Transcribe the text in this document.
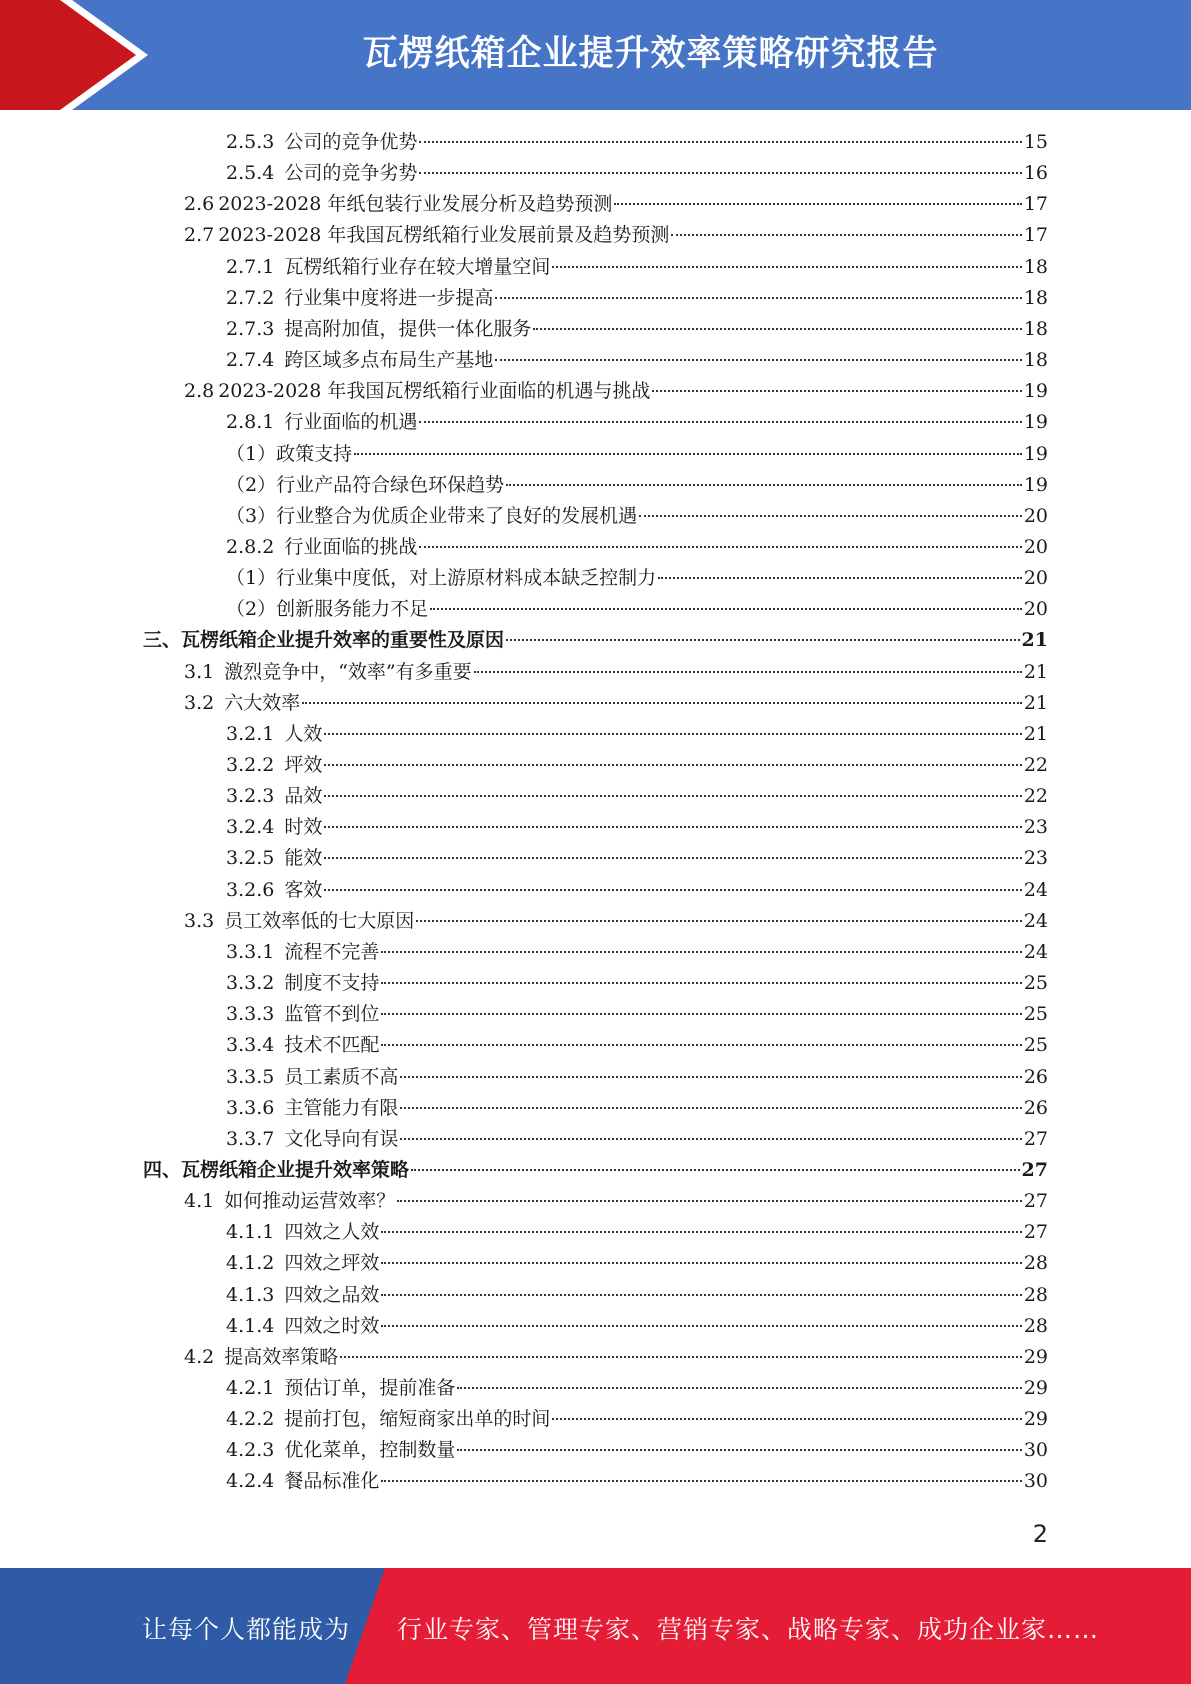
瓦楞纸箱企业提升效率策略研究报告
2.5.3 公司的竞争优势	15
2.5.4 公司的竞争劣势	16
2.6 2023-2028 年纸包装行业发展分析及趋势预测	17
2.7 2023-2028 年我国瓦楞纸箱行业发展前景及趋势预测	17
2.7.1 瓦楞纸箱行业存在较大增量空间	18
2.7.2 行业集中度将进一步提高	18
2.7.3 提高附加值，提供一体化服务	18
2.7.4 跨区域多点布局生产基地	18
2.8 2023-2028 年我国瓦楞纸箱行业面临的机遇与挑战	19
2.8.1 行业面临的机遇	19
（1） 政策支持	19
（2） 行业产品符合绿色环保趋势	19
（3） 行业整合为优质企业带来了良好的发展机遇	20
2.8.2 行业面临的挑战	20
（1） 行业集中度低，对上游原材料成本缺乏控制力	20
（2） 创新服务能力不足	20
三、 瓦楞纸箱企业提升效率的重要性及原因	21
3.1 激烈竞争中，“效率”有多重要	21
3.2 六大效率	21
3.2.1 人效	21
3.2.2 坪效	22
3.2.3 品效	22
3.2.4 时效	23
3.2.5 能效	23
3.2.6 客效	24
3.3 员工效率低的七大原因	24
3.3.1 流程不完善	24
3.3.2 制度不支持	25
3.3.3 监管不到位	25
3.3.4 技术不匹配	25
3.3.5 员工素质不高	26
3.3.6 主管能力有限	26
3.3.7 文化导向有误	27
四、 瓦楞纸箱企业提升效率策略	27
4.1 如何推动运营效率？	27
4.1.1 四效之人效	27
4.1.2 四效之坪效	28
4.1.3 四效之品效	28
4.1.4 四效之时效	28
4.2 提高效率策略	29
4.2.1 预估订单，提前准备	29
4.2.2 提前打包，缩短商家出单的时间	29
4.2.3 优化菜单，控制数量	30
4.2.4 餐品标准化	30
2
让每个人都能成为 行业专家、管理专家、营销专家、战略专家、成功企业家……
